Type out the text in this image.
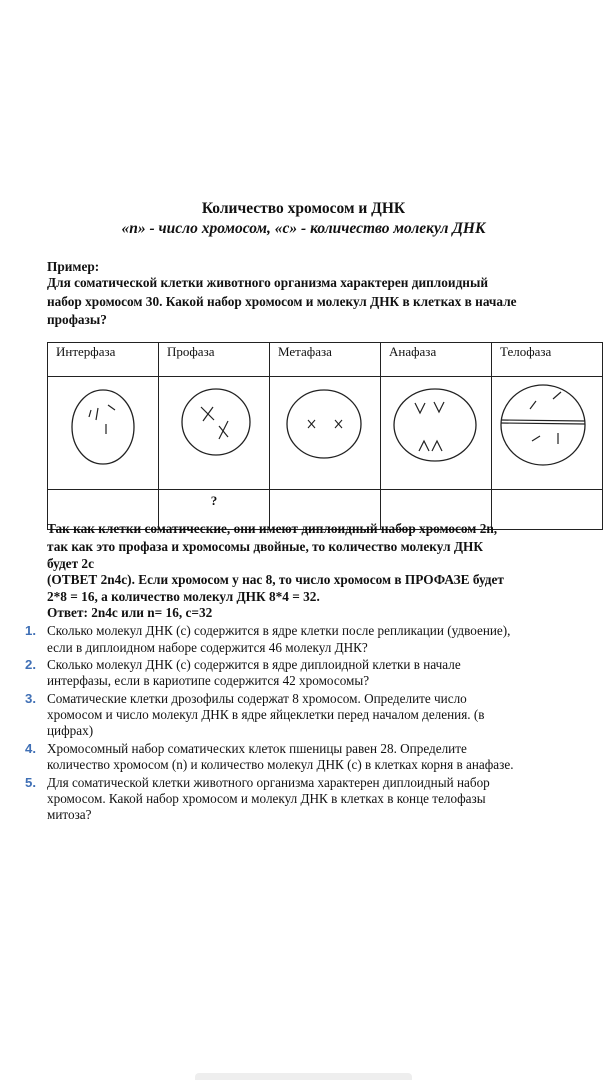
Количество хромосом и ДНК
«n» - число хромосом, «c» - количество молекул ДНК
Пример:
Для соматической клетки животного организма характерен диплоидный
набор хромосом 30. Какой набор хромосом и молекул ДНК в клетках в начале
профазы?
Интерфаза	Профаза	Метафаза	Анафаза	Телофаза

	?			
Так как клетки соматические, они имеют диплоидный набор хромосом 2n,
так как это профаза и хромосомы двойные, то количество молекул ДНК
будет 2с
(ОТВЕТ 2n4c). Если хромосом у нас 8, то число хромосом в ПРОФАЗЕ будет
2*8 = 16, а количество молекул ДНК 8*4 = 32.
Ответ: 2n4c или n= 16, c=32
1. Сколько молекул ДНК (с) содержится в ядре клетки после репликации (удвоение),
если в диплоидном наборе содержится 46 молекул ДНК?
2. Сколько молекул ДНК (с) содержится в ядре диплоидной клетки в начале
интерфазы, если в кариотипе содержится 42 хромосомы?
3. Соматические клетки дрозофилы содержат 8 хромосом. Определите число
хромосом и число молекул ДНК в ядре яйцеклетки перед началом деления. (в
цифрах)
4. Хромосомный набор соматических клеток пшеницы равен 28. Определите
количество хромосом (n) и количество молекул ДНК (с) в клетках корня в анафазе.
5. Для соматической клетки животного организма характерен диплоидный набор
хромосом. Какой набор хромосом и молекул ДНК в клетках в конце телофазы
митоза?
